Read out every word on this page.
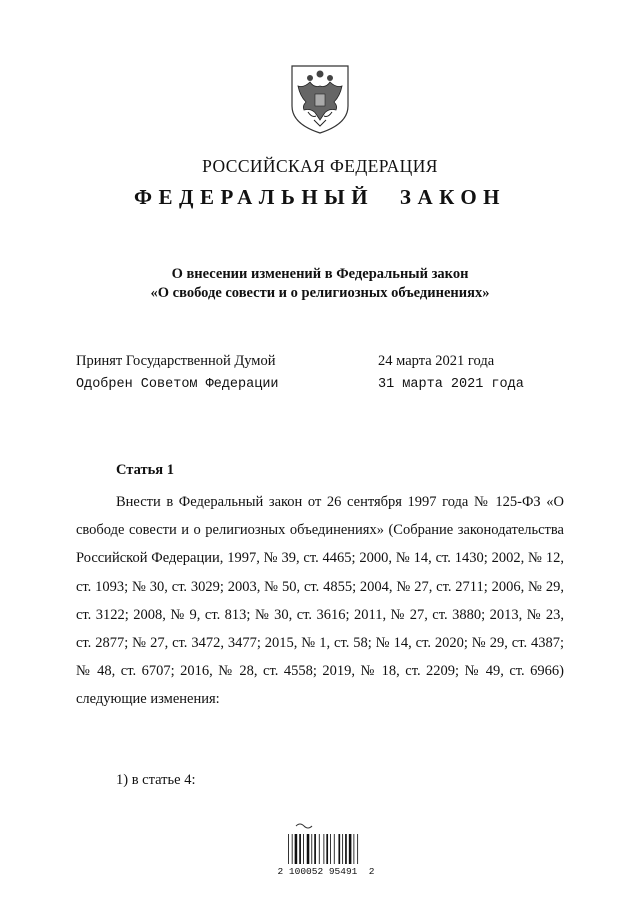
РОССИЙСКАЯ ФЕДЕРАЦИЯ
ФЕДЕРАЛЬНЫЙ ЗАКОН
О внесении изменений в Федеральный закон
«О свободе совести и о религиозных объединениях»
Принят Государственной Думой	24 марта 2021 года
Одобрен Советом Федерации	31 марта 2021 года
Статья 1

Внести в Федеральный закон от 26 сентября 1997 года № 125-ФЗ «О свободе совести и о религиозных объединениях» (Собрание законодательства Российской Федерации, 1997, № 39, ст. 4465; 2000, № 14, ст. 1430; 2002, № 12, ст. 1093; № 30, ст. 3029; 2003, № 50, ст. 4855; 2004, № 27, ст. 2711; 2006, № 29, ст. 3122; 2008, № 9, ст. 813; № 30, ст. 3616; 2011, № 27, ст. 3880; 2013, № 23, ст. 2877; № 27, ст. 3472, 3477; 2015, № 1, ст. 58; № 14, ст. 2020; № 29, ст. 4387; № 48, ст. 6707; 2016, № 28, ст. 4558; 2019, № 18, ст. 2209; № 49, ст. 6966) следующие изменения:

1) в статье 4:
2 100052 95491  2
